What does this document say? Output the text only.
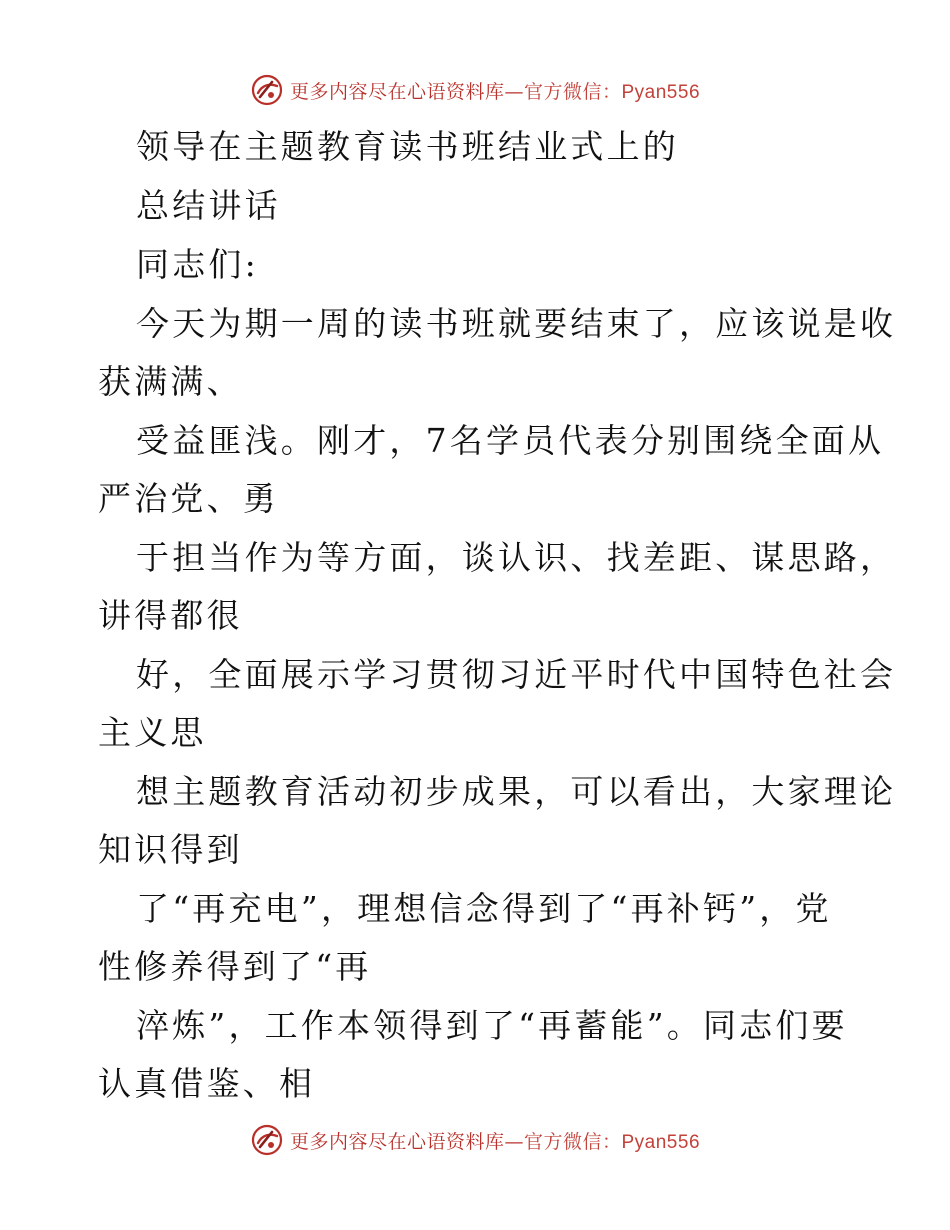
更多内容尽在心语资料库—官方微信：Pyan556
领导在主题教育读书班结业式上的
总结讲话
同志们:
今天为期一周的读书班就要结束了，应该说是收
获满满、
受益匪浅。刚才，7名学员代表分别围绕全面从
严治党、勇
于担当作为等方面，谈认识、找差距、谋思路，
讲得都很
好，全面展示学习贯彻习近平时代中国特色社会
主义思
想主题教育活动初步成果，可以看出，大家理论
知识得到
了“再充电”，理想信念得到了“再补钙”，党
性修养得到了“再
淬炼”，工作本领得到了“再蓄能”。同志们要
认真借鉴、相
更多内容尽在心语资料库—官方微信：Pyan556
